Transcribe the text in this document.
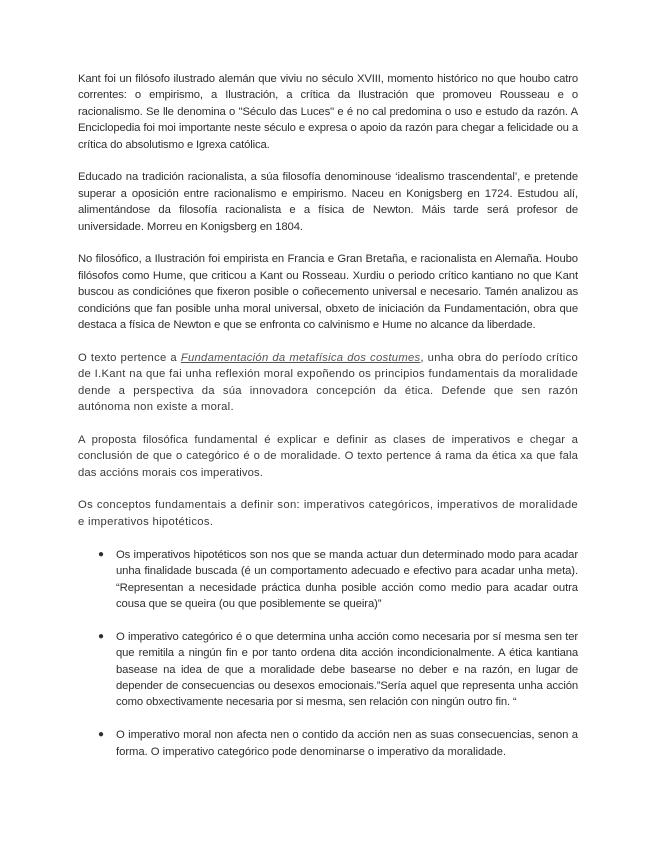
Kant foi un filósofo ilustrado alemán que viviu no século XVIII, momento histórico no que houbo catro correntes: o empirismo, a Ilustración, a crítica da Ilustración que promoveu Rousseau e o racionalismo. Se lle denomina o "Século das Luces" e é no cal predomina o uso e estudo da razón. A Enciclopedia foi moi importante neste século e expresa o apoio da razón para chegar a felicidade ou a crítica do absolutismo e Igrexa católica.

Educado na tradición racionalista, a súa filosofía denominouse ‘idealismo trascendental’, e pretende superar a oposición entre racionalismo e empirismo. Naceu en Konigsberg en 1724. Estudou alí, alimentándose da filosofía racionalista e a física de Newton. Máis tarde será profesor de universidade. Morreu en Konigsberg en 1804.

No filosófico, a Ilustración foi empirista en Francia e Gran Bretaña, e racionalista en Alemaña. Houbo filósofos como Hume, que criticou a Kant ou Rosseau. Xurdiu o periodo crítico kantiano no que Kant buscou as condiciónes que fixeron posible o coñecemento universal e necesario. Tamén analizou as condicións que fan posible unha moral universal, obxeto de iniciación da Fundamentación, obra que destaca a física de Newton e que se enfronta co calvinismo e Hume no alcance da liberdade.

O texto pertence a Fundamentación da metafísica dos costumes, unha obra do período crítico de I.Kant na que fai unha reflexión moral expoñendo os principios fundamentais da moralidade dende a perspectiva da súa innovadora concepción da ética. Defende que sen razón autónoma non existe a moral.

A proposta filosófica fundamental é explicar e definir as clases de imperativos e chegar a conclusión de que o categórico é o de moralidade. O texto pertence á rama da ética xa que fala das accións morais cos imperativos.

Os conceptos fundamentais a definir son: imperativos categóricos, imperativos de moralidade e imperativos hipotéticos.

● Os imperativos hipotéticos son nos que se manda actuar dun determinado modo para acadar unha finalidade buscada (é un comportamento adecuado e efectivo para acadar unha meta). “Representan a necesidade práctica dunha posible acción como medio para acadar outra cousa que se queira (ou que posiblemente se queira)”
● O imperativo categórico é o que determina unha acción como necesaria por sí mesma sen ter que remitila a ningún fin e por tanto ordena dita acción incondicionalmente. A ética kantiana basease na idea de que a moralidade debe basearse no deber e na razón, en lugar de depender de consecuencias ou desexos emocionais.”Sería aquel que representa unha acción como obxectivamente necesaria por si mesma, sen relación con ningún outro fin. “
● O imperativo moral non afecta nen o contido da acción nen as suas consecuencias, senon a forma. O imperativo categórico pode denominarse o imperativo da moralidade.
